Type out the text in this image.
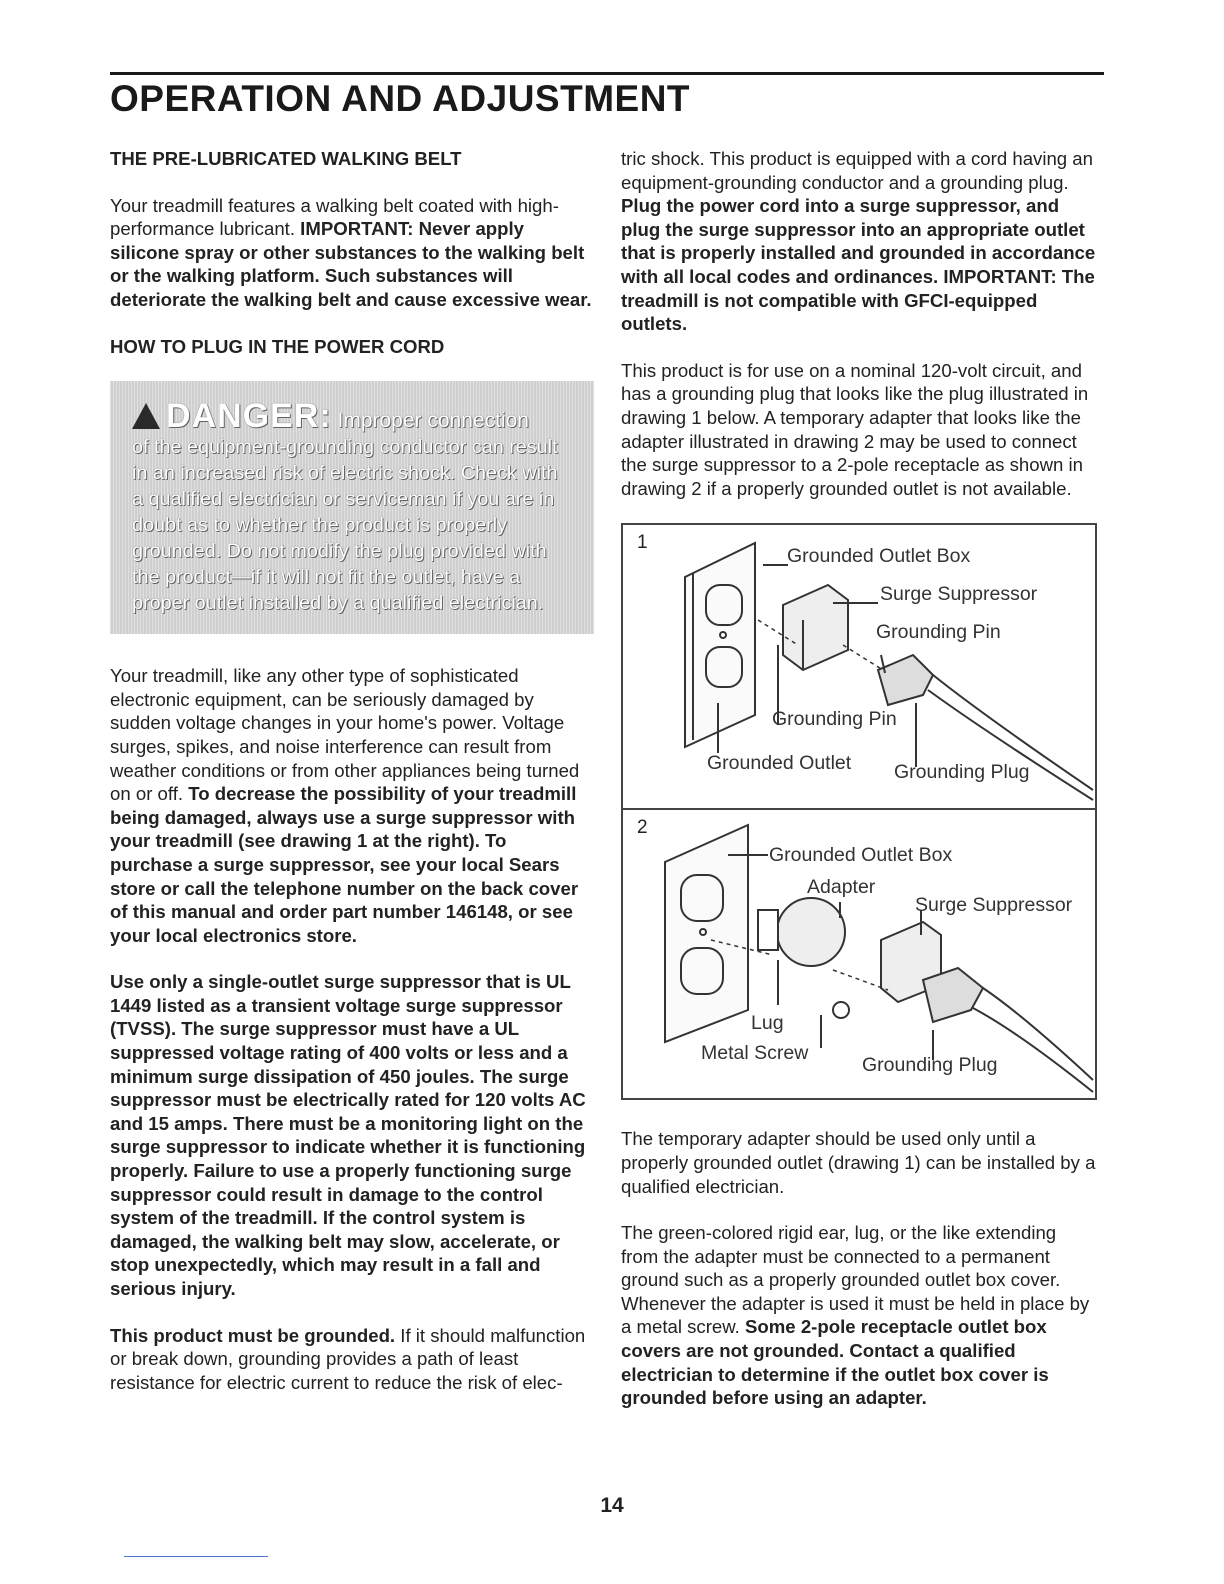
OPERATION AND ADJUSTMENT
THE PRE-LUBRICATED WALKING BELT

Your treadmill features a walking belt coated with high-performance lubricant. IMPORTANT: Never apply silicone spray or other substances to the walking belt or the walking platform. Such substances will deteriorate the walking belt and cause excessive wear.

HOW TO PLUG IN THE POWER CORD
DANGER: Improper connection
of the equipment-grounding conductor can result in an increased risk of electric shock. Check with a qualified electrician or serviceman if you are in doubt as to whether the product is properly grounded. Do not modify the plug provided with the product—if it will not fit the outlet, have a proper outlet installed by a qualified electrician.

Your treadmill, like any other type of sophisticated electronic equipment, can be seriously damaged by sudden voltage changes in your home's power. Voltage surges, spikes, and noise interference can result from weather conditions or from other appliances being turned on or off. To decrease the possibility of your treadmill being damaged, always use a surge suppressor with your treadmill (see drawing 1 at the right). To purchase a surge suppressor, see your local Sears store or call the telephone number on the back cover of this manual and order part number 146148, or see your local electronics store.

Use only a single-outlet surge suppressor that is UL 1449 listed as a transient voltage surge suppressor (TVSS). The surge suppressor must have a UL suppressed voltage rating of 400 volts or less and a minimum surge dissipation of 450 joules. The surge suppressor must be electrically rated for 120 volts AC and 15 amps. There must be a monitoring light on the surge suppressor to indicate whether it is functioning properly. Failure to use a properly functioning surge suppressor could result in damage to the control system of the treadmill. If the control system is damaged, the walking belt may slow, accelerate, or stop unexpectedly, which may result in a fall and serious injury.

This product must be grounded. If it should malfunction or break down, grounding provides a path of least resistance for electric current to reduce the risk of elec-

tric shock. This product is equipped with a cord having an equipment-grounding conductor and a grounding plug. Plug the power cord into a surge suppressor, and plug the surge suppressor into an appropriate outlet that is properly installed and grounded in accordance with all local codes and ordinances. IMPORTANT: The treadmill is not compatible with GFCI-equipped outlets.

This product is for use on a nominal 120-volt circuit, and has a grounding plug that looks like the plug illustrated in drawing 1 below. A temporary adapter that looks like the adapter illustrated in drawing 2 may be used to connect the surge suppressor to a 2-pole receptacle as shown in drawing 2 if a properly grounded outlet is not available.

1
Grounded Outlet Box
Surge Suppressor
Grounding Pin
Grounding Pin
Grounded Outlet Grounding Plug
2
Grounded Outlet Box
Adapter
Surge Suppressor
Lug
Metal Screw
Grounding Plug

The temporary adapter should be used only until a properly grounded outlet (drawing 1) can be installed by a qualified electrician.

The green-colored rigid ear, lug, or the like extending from the adapter must be connected to a permanent ground such as a properly grounded outlet box cover. Whenever the adapter is used it must be held in place by a metal screw. Some 2-pole receptacle outlet box covers are not grounded. Contact a qualified electrician to determine if the outlet box cover is grounded before using an adapter.

14
